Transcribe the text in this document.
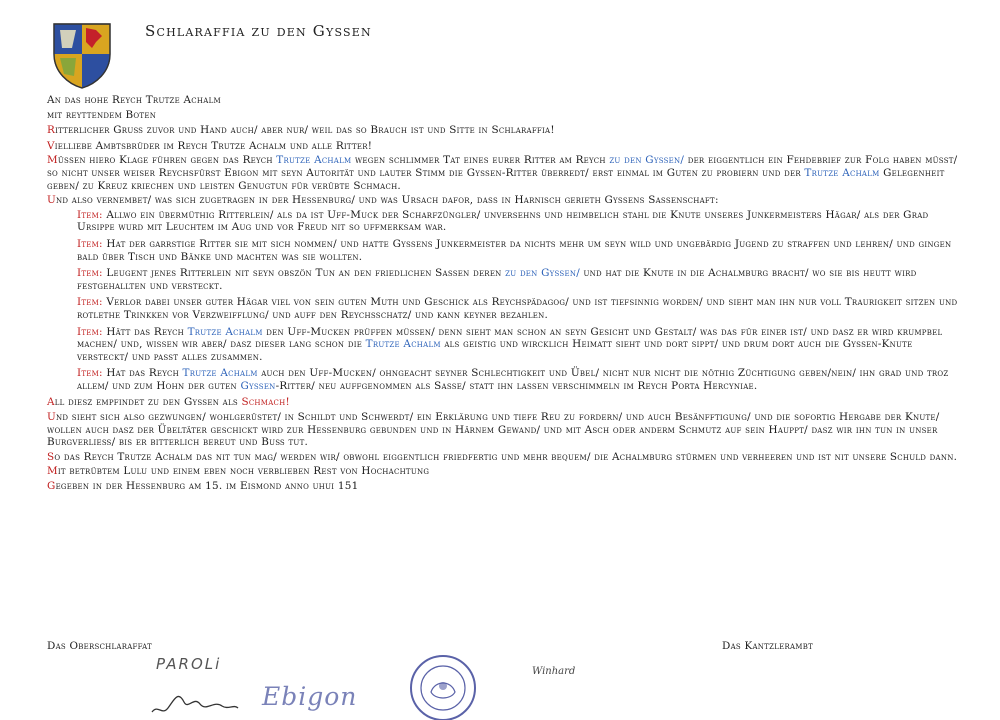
Schlaraffia zu den Gyssen
An das hohe Reych Trutze Achalm
mit reyttendem Boten
Ritterlicher Gruß zuvor und Hand auch/ aber nur/ weil das so Brauch ist und Sitte in Schlaraffia!
Vielliebe Ambtsbrüder im Reych Trutze Achalm und alle Ritter!
Müssen hiero Klage führen gegen das Reych Trutze Achalm wegen schlimmer Tat eines eurer Ritter am Reych zu den Gyssen/ der eiggentlich ein Fehdebrief zur Folg haben müsst/ so nicht unser weiser Reychsfürst Ebigon mit seyn Autorität und lauter Stimm die Gyssen-Ritter überredt/ erst einmal im Guten zu probiern und der Trutze Achalm Gelegenheit geben/ zu Kreuz kriechen und leisten Genugtun für verübte Schmach.
Und also vernembet/ was sich zugetragen in der Hessenburg/ und was Ursach dafor, dass in Harnisch gerieth Gyssens Sassenschaft:
Item: Allwo ein übermüthig Ritterlein/ als da ist Uff-Muck der Scharfzüngler/ unversehns und heimbelich stahl die Knute unseres Junkermeisters Hägar/ als der Grad Ursippe wurd mit Leuchtem im Aug und vor Freud nit so uffmerksam war.
Item: Hat der garrstige Ritter sie mit sich nommen/ und hatte Gyssens Junkermeister da nichts mehr um seyn wild und ungebärdig Jugend zu straffen und lehren/ und gingen bald über Tisch und Bänke und machten was sie wollten.
Item: Leugent jenes Ritterlein nit seyn obszön Tun an den friedlichen Sassen deren zu den Gyssen/ und hat die Knute in die Achalmburg bracht/ wo sie bis heutt wird festgehallten und versteckt.
Item: Verlor dabei unser guter Hägar viel von sein guten Muth und Geschick als Reychspädagog/ und ist tiefsinnig worden/ und sieht man ihn nur voll Traurigkeit sitzen und rotlethe Trinkken vor Verzweifflung/ und auff den Reychsschatz/ und kann keyner bezahlen.
Item: Hätt das Reych Trutze Achalm den Uff-Mucken prüffen müssen/ denn sieht man schon an seyn Gesicht und Gestalt/ was das für einer ist/ und dasz er wird krumpbel machen/ und, wissen wir aber/ dasz dieser lang schon die Trutze Achalm als geistig und wircklich Heimatt sieht und dort sippt/ und drum dort auch die Gyssen-Knute versteckt/ und passt alles zusammen.
Item: Hat das Reych Trutze Achalm auch den Uff-Mucken/ ohngeacht seyner Schlechtigkeit und Übel/ nicht nur nicht die nöthig Züchtigung geben/nein/ ihn grad und troz allem/ und zum Hohn der guten Gyssen-Ritter/ neu auffgenommen als Sasse/ statt ihn lassen verschimmeln im Reych Porta Hercyniae.
All diesz empfindet zu den Gyssen als Schmach!
Und sieht sich also gezwungen/ wohlgerüstet/ in Schildt und Schwerdt/ ein Erklärung und tiefe Reu zu fordern/ und auch Besänfftigung/ und die sofortig Hergabe der Knute/ wollen auch dasz der Übeltäter geschickt wird zur Hessenburg gebunden und in Härnem Gewand/ und mit Asch oder anderm Schmutz auf sein Hauppt/ dasz wir ihn tun in unser Burgverließ/ bis er bitterlich bereut und Buß tut.
So das Reych Trutze Achalm das nit tun mag/ werden wir/ obwohl eiggentlich friedfertig und mehr bequem/ die Achalmburg stürmen und verheeren und ist nit unsere Schuld dann.
Mit betrübtem Lulu und einem eben noch verblieben Rest von Hochachtung
Gegeben in der Hessenburg am 15. im Eismond anno uhui 151
Das Oberschlaraffat	Das Kantzlerambt
PAROLi
Ebigon
Winhard
